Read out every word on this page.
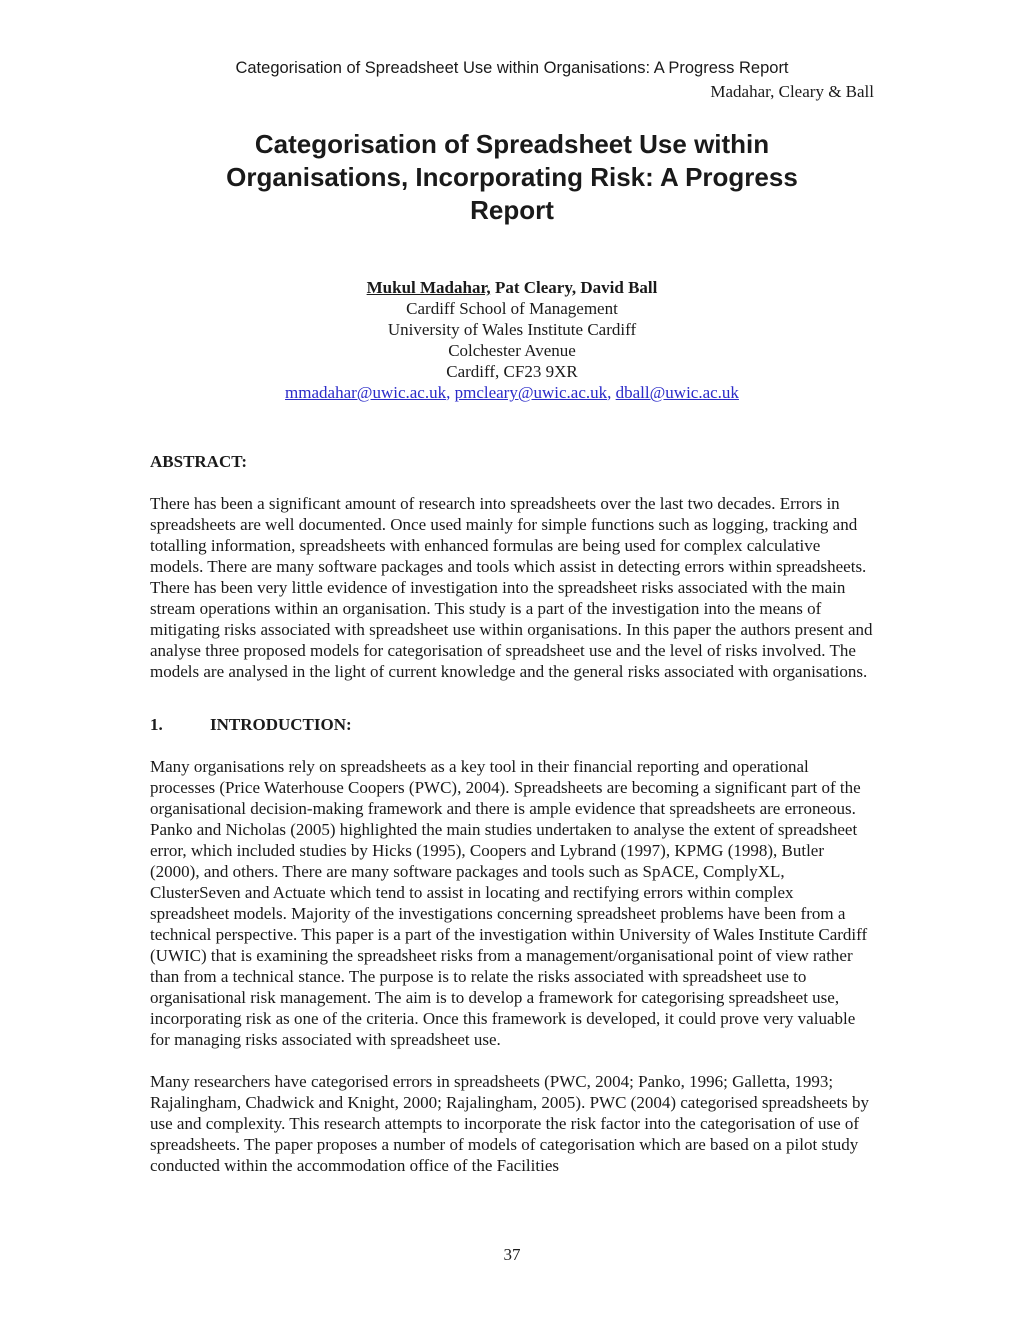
Categorisation of Spreadsheet Use within Organisations: A Progress Report
Madahar, Cleary & Ball
Categorisation of Spreadsheet Use within
Organisations, Incorporating Risk: A Progress
Report
Mukul Madahar, Pat Cleary, David Ball
Cardiff School of Management
University of Wales Institute Cardiff
Colchester Avenue
Cardiff, CF23 9XR
mmadahar@uwic.ac.uk, pmcleary@uwic.ac.uk, dball@uwic.ac.uk
ABSTRACT:

There has been a significant amount of research into spreadsheets over the last two decades. Errors in spreadsheets are well documented. Once used mainly for simple functions such as logging, tracking and totalling information, spreadsheets with enhanced formulas are being used for complex calculative models. There are many software packages and tools which assist in detecting errors within spreadsheets. There has been very little evidence of investigation into the spreadsheet risks associated with the main stream operations within an organisation. This study is a part of the investigation into the means of mitigating risks associated with spreadsheet use within organisations. In this paper the authors present and analyse three proposed models for categorisation of spreadsheet use and the level of risks involved. The models are analysed in the light of current knowledge and the general risks associated with organisations.

1.	INTRODUCTION:

Many organisations rely on spreadsheets as a key tool in their financial reporting and operational processes (Price Waterhouse Coopers (PWC), 2004). Spreadsheets are becoming a significant part of the organisational decision-making framework and there is ample evidence that spreadsheets are erroneous. Panko and Nicholas (2005) highlighted the main studies undertaken to analyse the extent of spreadsheet error, which included studies by Hicks (1995), Coopers and Lybrand (1997), KPMG (1998), Butler (2000), and others. There are many software packages and tools such as SpACE, ComplyXL, ClusterSeven and Actuate which tend to assist in locating and rectifying errors within complex spreadsheet models. Majority of the investigations concerning spreadsheet problems have been from a technical perspective. This paper is a part of the investigation within University of Wales Institute Cardiff (UWIC) that is examining the spreadsheet risks from a management/organisational point of view rather than from a technical stance. The purpose is to relate the risks associated with spreadsheet use to organisational risk management. The aim is to develop a framework for categorising spreadsheet use, incorporating risk as one of the criteria. Once this framework is developed, it could prove very valuable for managing risks associated with spreadsheet use.

Many researchers have categorised errors in spreadsheets (PWC, 2004; Panko, 1996; Galletta, 1993; Rajalingham, Chadwick and Knight, 2000; Rajalingham, 2005). PWC (2004) categorised spreadsheets by use and complexity. This research attempts to incorporate the risk factor into the categorisation of use of spreadsheets. The paper proposes a number of models of categorisation which are based on a pilot study conducted within the accommodation office of the Facilities

37
